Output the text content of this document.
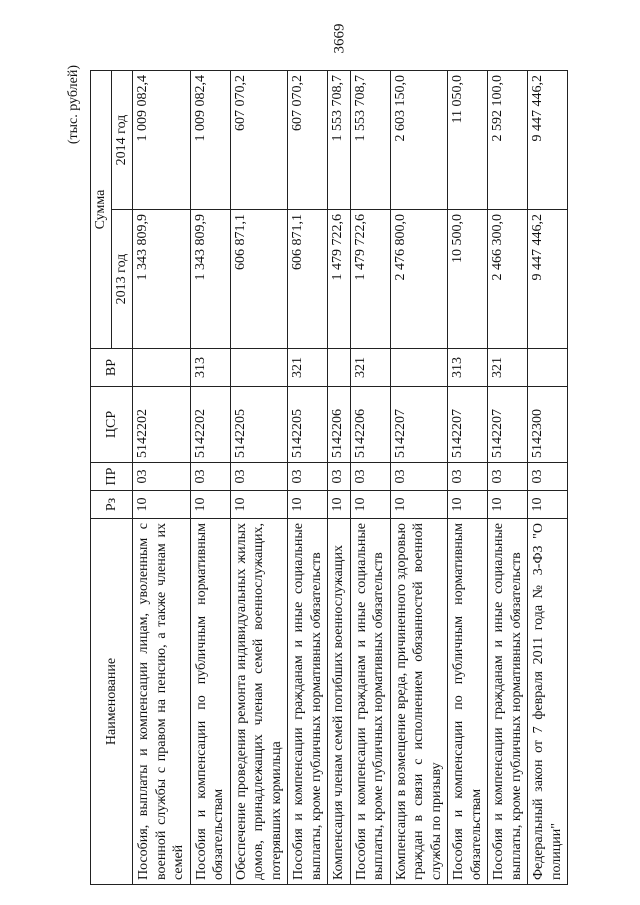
3669
(тыс. рублей)
Наименование	Рз	ПР	ЦСР	ВР	Сумма	
					2013 год	2014 год
Пособия, выплаты и компенсации лицам, уволенным с военной службы с правом на пенсию, а также членам их семей	10	03	5142202		1 343 809,9	1 009 082,4
Пособия и компенсации по публичным нормативным обязательствам	10	03	5142202	313	1 343 809,9	1 009 082,4
Обеспечение проведения ремонта индивидуальных жилых домов, принадлежащих членам семей военнослужащих, потерявших кормильца	10	03	5142205		606 871,1	607 070,2
Пособия и компенсации гражданам и иные социальные выплаты, кроме публичных нормативных обязательств	10	03	5142205	321	606 871,1	607 070,2
Компенсация членам семей погибших военнослужащих	10	03	5142206		1 479 722,6	1 553 708,7
Пособия и компенсации гражданам и иные социальные выплаты, кроме публичных нормативных обязательств	10	03	5142206	321	1 479 722,6	1 553 708,7
Компенсация в возмещение вреда, причиненного здоровью граждан в связи с исполнением обязанностей военной службы по призыву	10	03	5142207		2 476 800,0	2 603 150,0
Пособия и компенсации по публичным нормативным обязательствам	10	03	5142207	313	10 500,0	11 050,0
Пособия и компенсации гражданам и иные социальные выплаты, кроме публичных нормативных обязательств	10	03	5142207	321	2 466 300,0	2 592 100,0
Федеральный закон от 7 февраля 2011 года № 3-ФЗ "О полиции"	10	03	5142300		9 447 446,2	9 447 446,2
